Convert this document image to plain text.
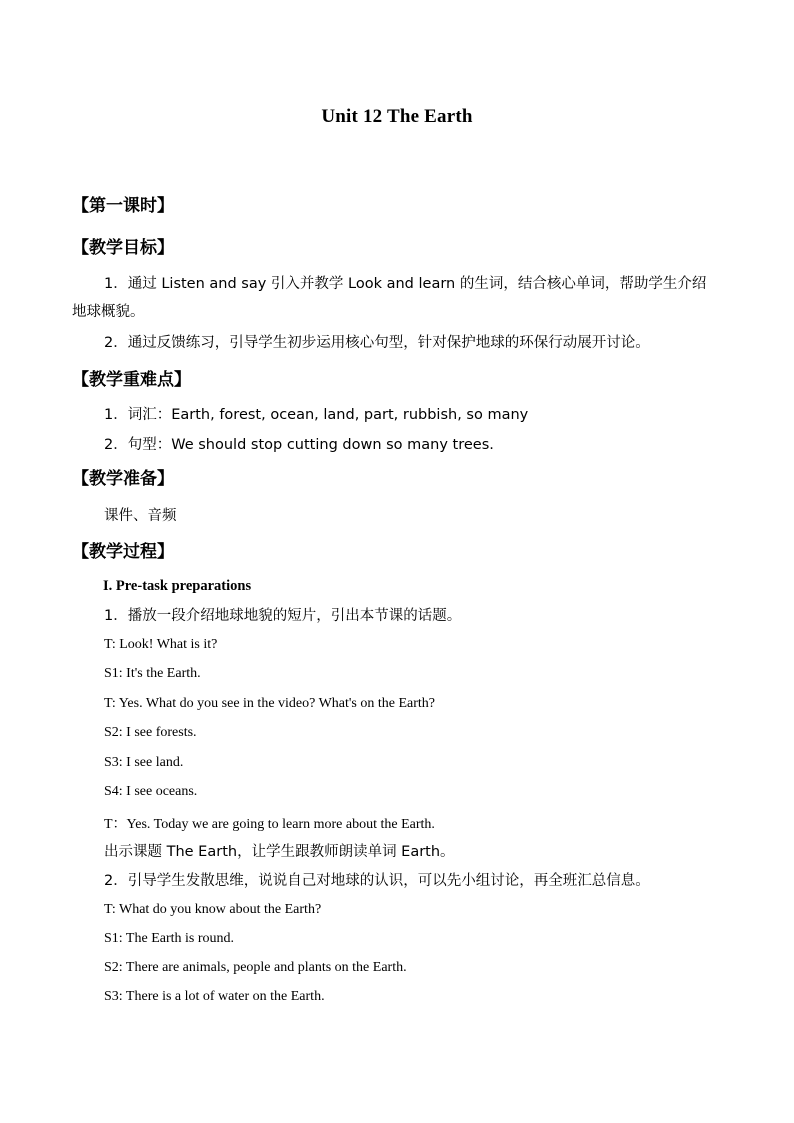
Unit 12 The Earth
【第一课时】
【教学目标】
1．通过 Listen and say 引入并教学 Look and learn 的生词，结合核心单词，帮助学生介绍
地球概貌。
2．通过反馈练习，引导学生初步运用核心句型，针对保护地球的环保行动展开讨论。
【教学重难点】
1．词汇：Earth, forest, ocean, land, part, rubbish, so many
2．句型：We should stop cutting down so many trees.
【教学准备】
课件、音频
【教学过程】
I. Pre-task preparations
1．播放一段介绍地球地貌的短片，引出本节课的话题。
T: Look! What is it?
S1: It's the Earth.
T: Yes. What do you see in the video? What's on the Earth?
S2: I see forests.
S3: I see land.
S4: I see oceans.
T：Yes. Today we are going to learn more about the Earth.
出示课题 The Earth，让学生跟教师朗读单词 Earth。
2．引导学生发散思维，说说自己对地球的认识，可以先小组讨论，再全班汇总信息。
T: What do you know about the Earth?
S1: The Earth is round.
S2: There are animals, people and plants on the Earth.
S3: There is a lot of water on the Earth.
